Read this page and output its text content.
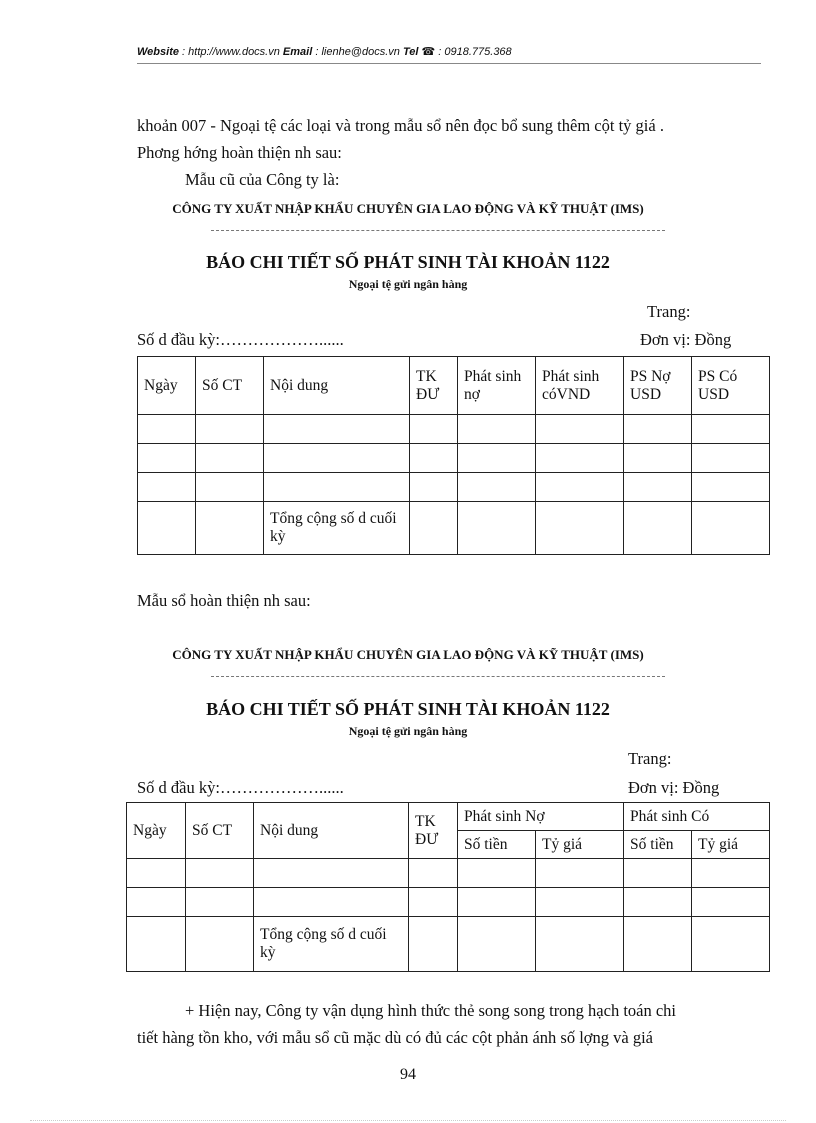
Website : http://www.docs.vn Email : lienhe@docs.vn Tel ☎ : 0918.775.368
khoản 007 - Ngoại tệ các loại và trong mẫu sổ nên đọc bổ sung thêm cột tỷ giá .
Phơng hớng hoàn thiện nh sau:
Mẫu cũ của Công ty là:
CÔNG TY XUẤT NHẬP KHẨU CHUYÊN GIA LAO ĐỘNG VÀ KỸ THUẬT (IMS)
BÁO CHI TIẾT SỐ PHÁT SINH TÀI KHOẢN 1122
Ngoại tệ gửi ngân hàng
Trang:
Số d đầu kỳ:………………......	Đơn vị: Đồng
Ngày	Số CT	Nội dung	TK ĐƯ	Phát sinh nợ	Phát sinh cóVND	PS Nợ USD	PS Có USD

		Tổng cộng số d cuối kỳ					
Mẫu sổ hoàn thiện nh sau:
CÔNG TY XUẤT NHẬP KHẨU CHUYÊN GIA LAO ĐỘNG VÀ KỸ THUẬT (IMS)
BÁO CHI TIẾT SỐ PHÁT SINH TÀI KHOẢN 1122
Ngoại tệ gửi ngân hàng
Trang:
Số d đầu kỳ:………………......	Đơn vị: Đồng
Ngày	Số CT	Nội dung	TK ĐƯ	Phát sinh Nợ		Phát sinh Có	
				Số tiền	Tỷ giá	Số tiền	Tỷ giá

		Tổng cộng số d cuối kỳ					
+ Hiện nay, Công ty vận dụng hình thức thẻ song song trong hạch toán chi
tiết hàng tồn kho, với mẫu sổ cũ mặc dù có đủ các cột phản ánh số lợng và giá
94
